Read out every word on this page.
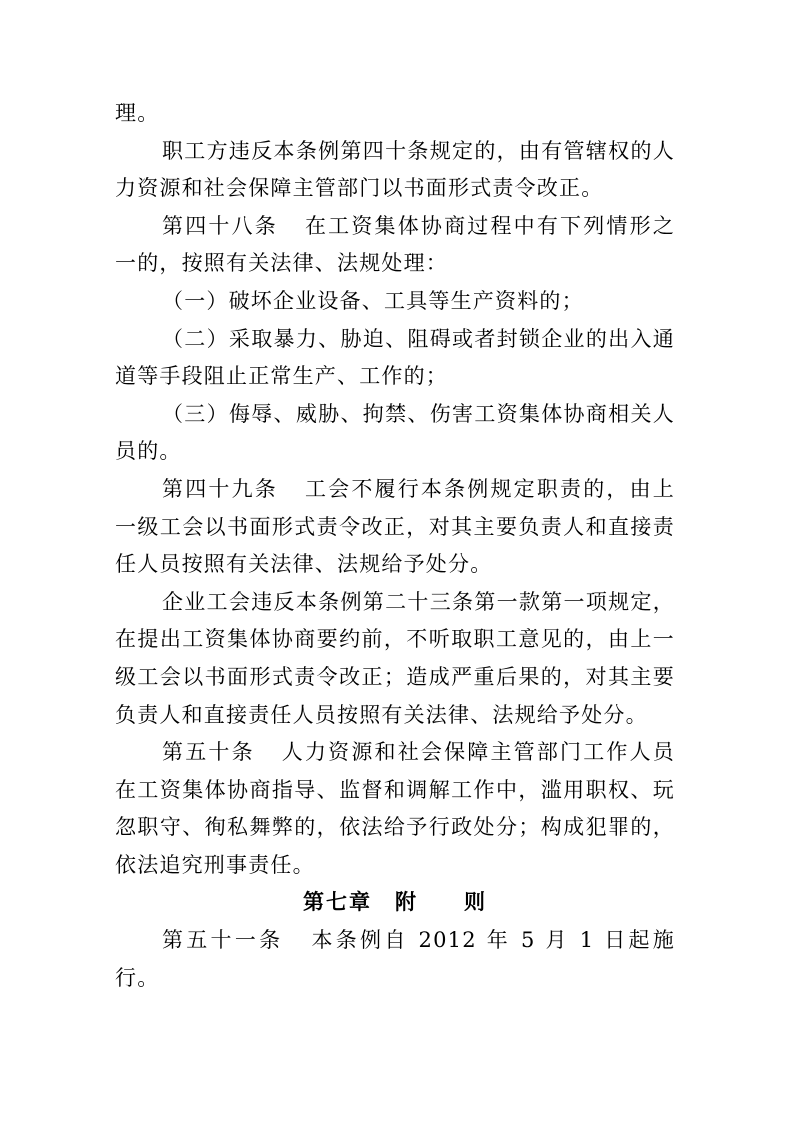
理。

职工方违反本条例第四十条规定的，由有管辖权的人力资源和社会保障主管部门以书面形式责令改正。

第四十八条 在工资集体协商过程中有下列情形之一的，按照有关法律、法规处理：

（一）破坏企业设备、工具等生产资料的；

（二）采取暴力、胁迫、阻碍或者封锁企业的出入通道等手段阻止正常生产、工作的；

（三）侮辱、威胁、拘禁、伤害工资集体协商相关人员的。

第四十九条 工会不履行本条例规定职责的，由上一级工会以书面形式责令改正，对其主要负责人和直接责任人员按照有关法律、法规给予处分。

企业工会违反本条例第二十三条第一款第一项规定，在提出工资集体协商要约前，不听取职工意见的，由上一级工会以书面形式责令改正；造成严重后果的，对其主要负责人和直接责任人员按照有关法律、法规给予处分。

第五十条 人力资源和社会保障主管部门工作人员在工资集体协商指导、监督和调解工作中，滥用职权、玩忽职守、徇私舞弊的，依法给予行政处分；构成犯罪的，依法追究刑事责任。

第七章　附　　则

第五十一条 本条例自 2012 年 5 月 1 日起施行。
